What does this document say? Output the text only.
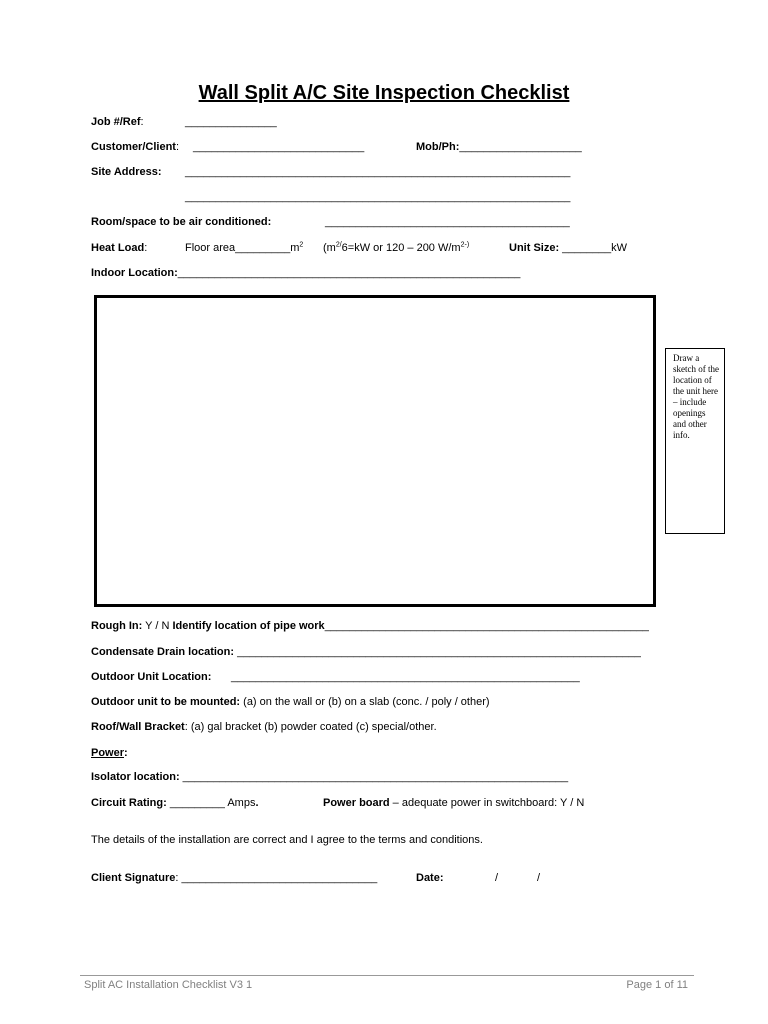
Wall Split A/C Site Inspection Checklist
Job #/Ref:	_______________
Customer/Client: ____________________________	Mob/Ph:____________________
Site Address: _______________________________________________________________
_______________________________________________________________
Room/space to be air conditioned:	________________________________________
Heat Load:	Floor $area\_\_\_\_\_\_\_\_\_m^2$ ($m^{2/}6=kW$ or 120 – 200 $W/m^{2-)}$	Unit Size: ________kW
Indoor Location:________________________________________________________
Draw a sketch of the location of the unit here – include openings and other info.
Rough In: Y / N Identify location of pipe work_____________________________________________________
Condensate Drain location: __________________________________________________________________
Outdoor Unit Location: _________________________________________________________
Outdoor unit to be mounted: (a) on the wall or (b) on a slab (conc. / poly / other)
Roof/Wall Bracket: (a) gal bracket (b) powder coated (c) special/other.
Power:
Isolator location: _______________________________________________________________
Circuit Rating: _________ Amps.	Power board – adequate power in switchboard: Y / N
The details of the installation are correct and I agree to the terms and conditions.
Client Signature: ________________________________	Date:	/	/
Split AC Installation Checklist V3 1	Page 1 of 11
